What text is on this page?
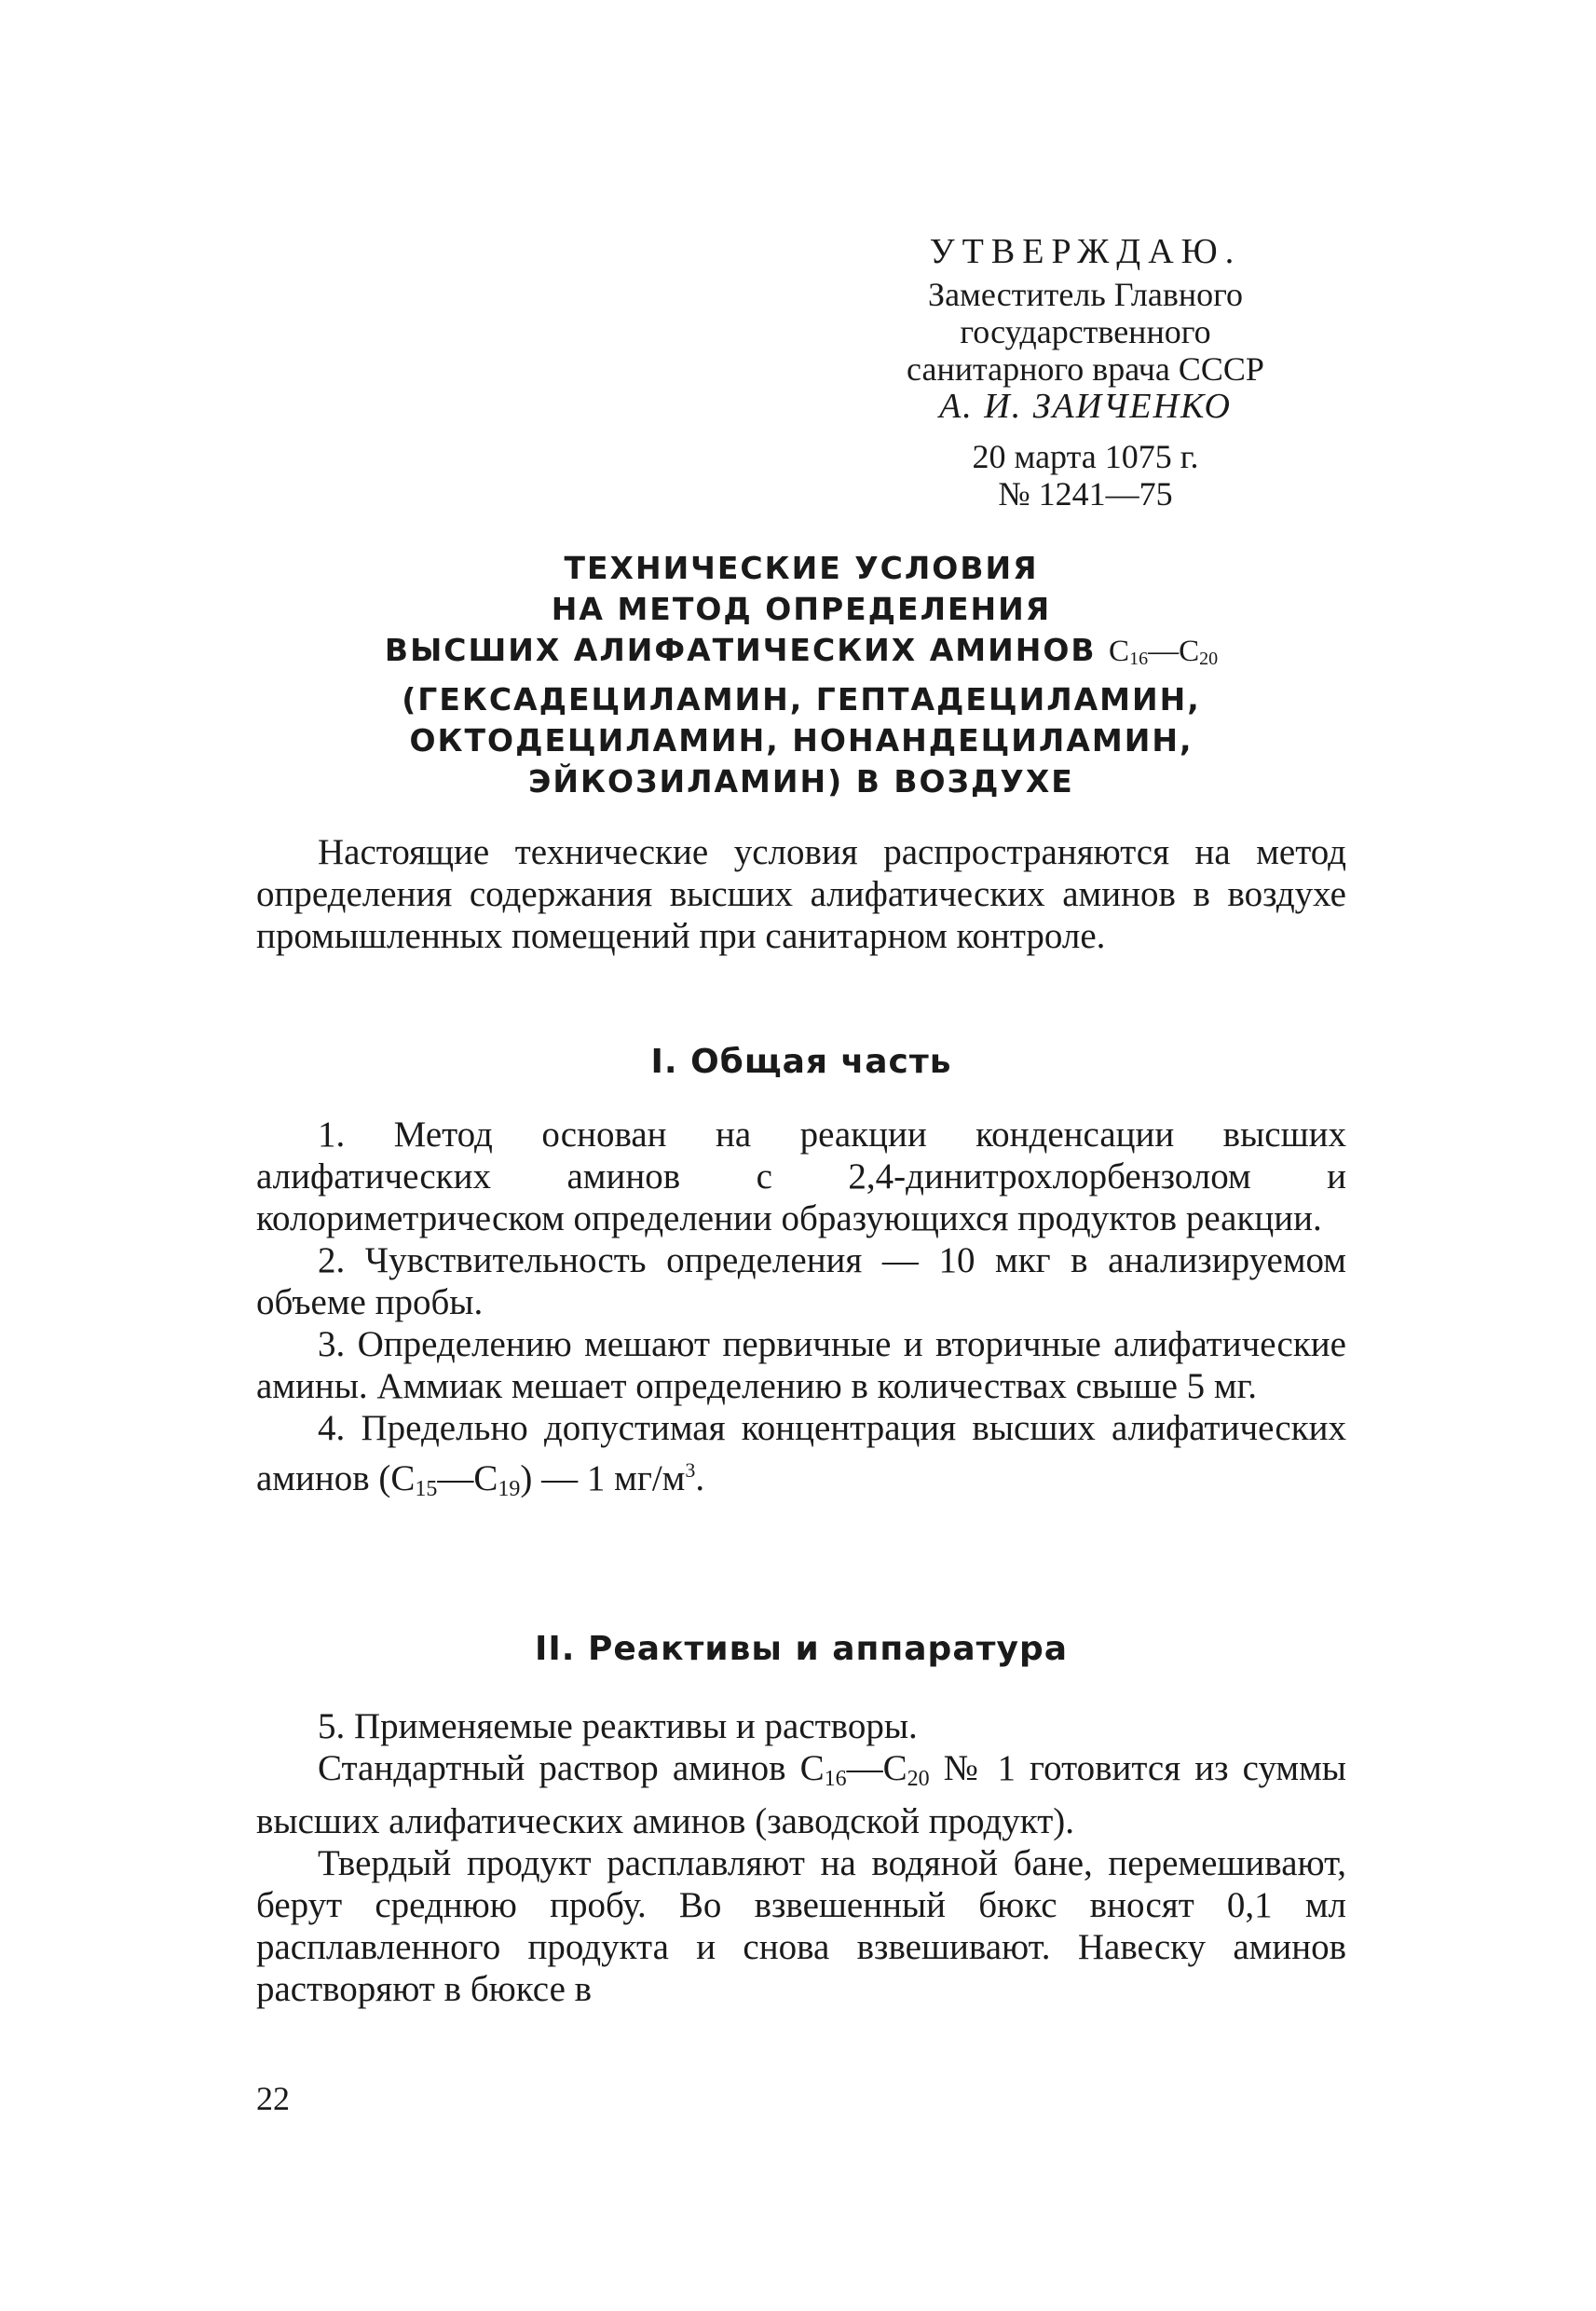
УТВЕРЖДАЮ.
Заместитель Главного
государственного
санитарного врача СССР
А. И. ЗАИЧЕНКО
20 марта 1075 г.
№ 1241—75
ТЕХНИЧЕСКИЕ УСЛОВИЯ
НА МЕТОД ОПРЕДЕЛЕНИЯ
ВЫСШИХ АЛИФАТИЧЕСКИХ АМИНОВ $C_{16}—C_{20}$
(ГЕКСАДЕЦИЛАМИН, ГЕПТАДЕЦИЛАМИН,
ОКТОДЕЦИЛАМИН, НОНАНДЕЦИЛАМИН,
ЭЙКОЗИЛАМИН) В ВОЗДУХЕ

Настоящие технические условия распространяются на метод определения содержания высших алифатических аминов в воздухе промышленных помещений при санитарном контроле.

I. Общая часть

1. Метод основан на реакции конденсации высших алифатических аминов с 2,4-динитрохлорбензолом и колориметрическом определении образующихся продуктов реакции.

2. Чувствительность определения — 10 мкг в анализируемом объеме пробы.

3. Определению мешают первичные и вторичные алифатические амины. Аммиак мешает определению в количествах свыше 5 мг.

4. Предельно допустимая концентрация высших алифатических аминов $(C_{15}—C_{19})$ — 1 $мг/м^3$.

II. Реактивы и аппаратура

5. Применяемые реактивы и растворы.

Стандартный раствор аминов $C_{16}—C_{20}$ № 1 готовится из суммы высших алифатических аминов (заводской продукт).

Твердый продукт расплавляют на водяной бане, перемешивают, берут среднюю пробу. Во взвешенный бюкс вносят 0,1 мл расплавленного продукта и снова взвешивают. Навеску аминов растворяют в бюксе в

22
